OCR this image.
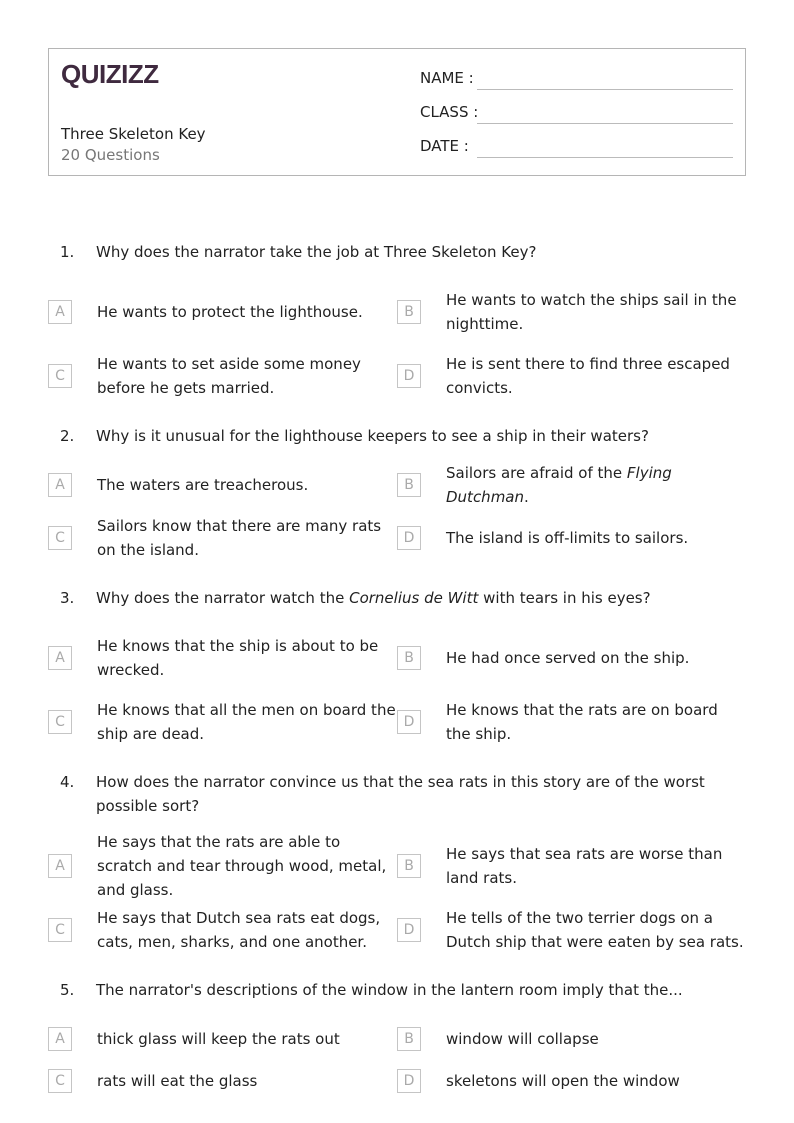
QUIZIZZ
Three Skeleton Key
20 Questions
NAME :
CLASS :
DATE :
1. Why does the narrator take the job at Three Skeleton Key?
A	He wants to protect the lighthouse.	B
He wants to watch the ships sail in the nighttime.
C
He wants to set aside some money before he gets married.
D
He is sent there to find three escaped convicts.
2. Why is it unusual for the lighthouse keepers to see a ship in their waters?
A	The waters are treacherous.	B
Sailors are afraid of the Flying Dutchman.
C
Sailors know that there are many rats on the island.
D	The island is off-limits to sailors.
3. Why does the narrator watch the Cornelius de Witt with tears in his eyes?
A
He knows that the ship is about to be wrecked.
B	He had once served on the ship.
C
He knows that all the men on board the ship are dead.
D
He knows that the rats are on board the ship.
4. How does the narrator convince us that the sea rats in this story are of the worst possible sort?
A
He says that the rats are able to scratch and tear through wood, metal, and glass.
B
He says that sea rats are worse than land rats.
C
He says that Dutch sea rats eat dogs, cats, men, sharks, and one another.
D
He tells of the two terrier dogs on a Dutch ship that were eaten by sea rats.
5. The narrator's descriptions of the window in the lantern room imply that the...
A	thick glass will keep the rats out	B	window will collapse
C	rats will eat the glass	D	skeletons will open the window
